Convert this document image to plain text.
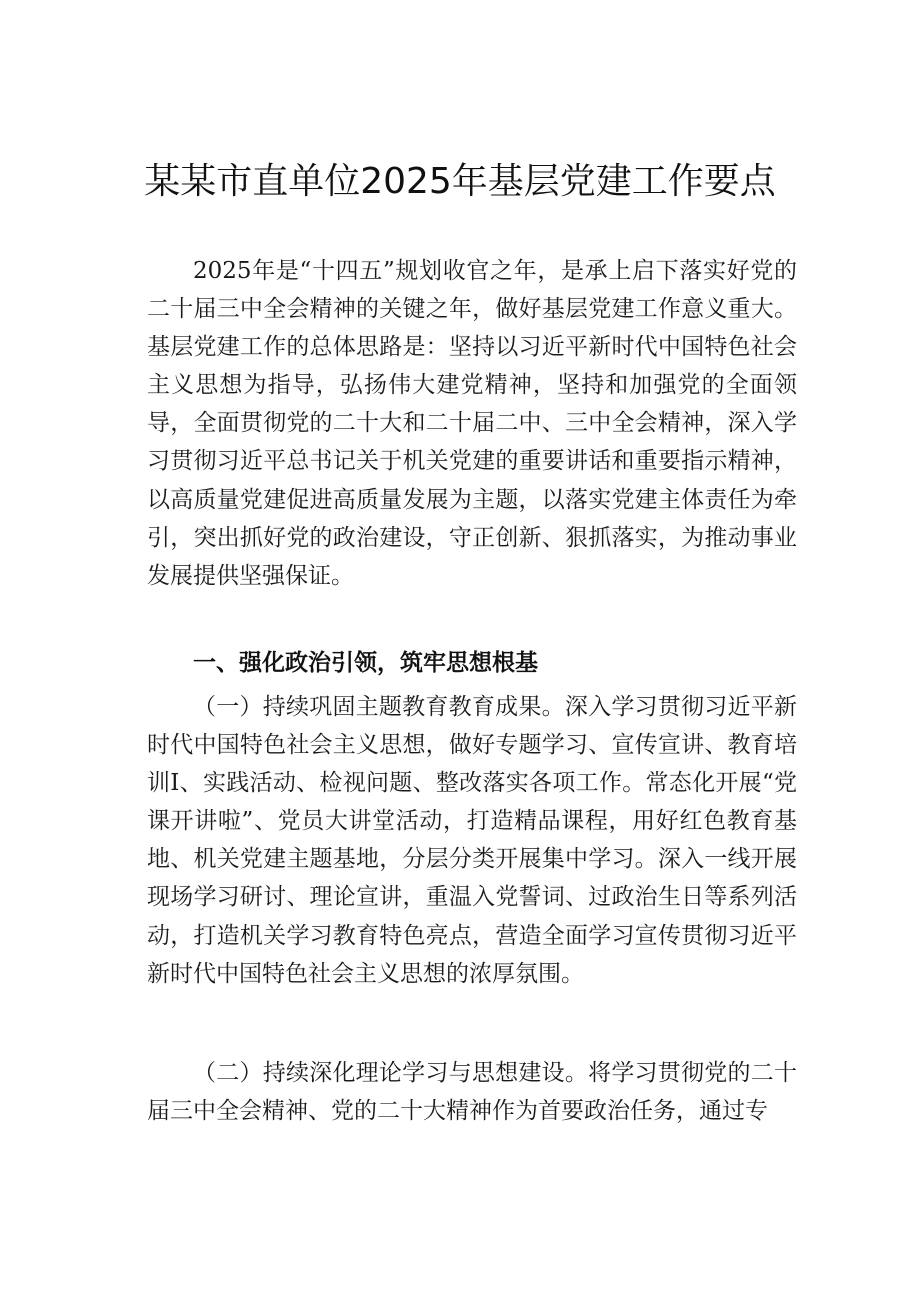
某某市直单位2025年基层党建工作要点

2025年是“十四五”规划收官之年，是承上启下落实好党的二十届三中全会精神的关键之年，做好基层党建工作意义重大。基层党建工作的总体思路是：坚持以习近平新时代中国特色社会主义思想为指导，弘扬伟大建党精神，坚持和加强党的全面领导，全面贯彻党的二十大和二十届二中、三中全会精神，深入学习贯彻习近平总书记关于机关党建的重要讲话和重要指示精神，以高质量党建促进高质量发展为主题，以落实党建主体责任为牵引，突出抓好党的政治建设，守正创新、狠抓落实，为推动事业发展提供坚强保证。

一、强化政治引领，筑牢思想根基

（一）持续巩固主题教育教育成果。深入学习贯彻习近平新时代中国特色社会主义思想，做好专题学习、宣传宣讲、教育培训I、实践活动、检视问题、整改落实各项工作。常态化开展“党课开讲啦”、党员大讲堂活动，打造精品课程，用好红色教育基地、机关党建主题基地，分层分类开展集中学习。深入一线开展现场学习研讨、理论宣讲，重温入党誓词、过政治生日等系列活动，打造机关学习教育特色亮点，营造全面学习宣传贯彻习近平新时代中国特色社会主义思想的浓厚氛围。

（二）持续深化理论学习与思想建设。将学习贯彻党的二十届三中全会精神、党的二十大精神作为首要政治任务，通过专
